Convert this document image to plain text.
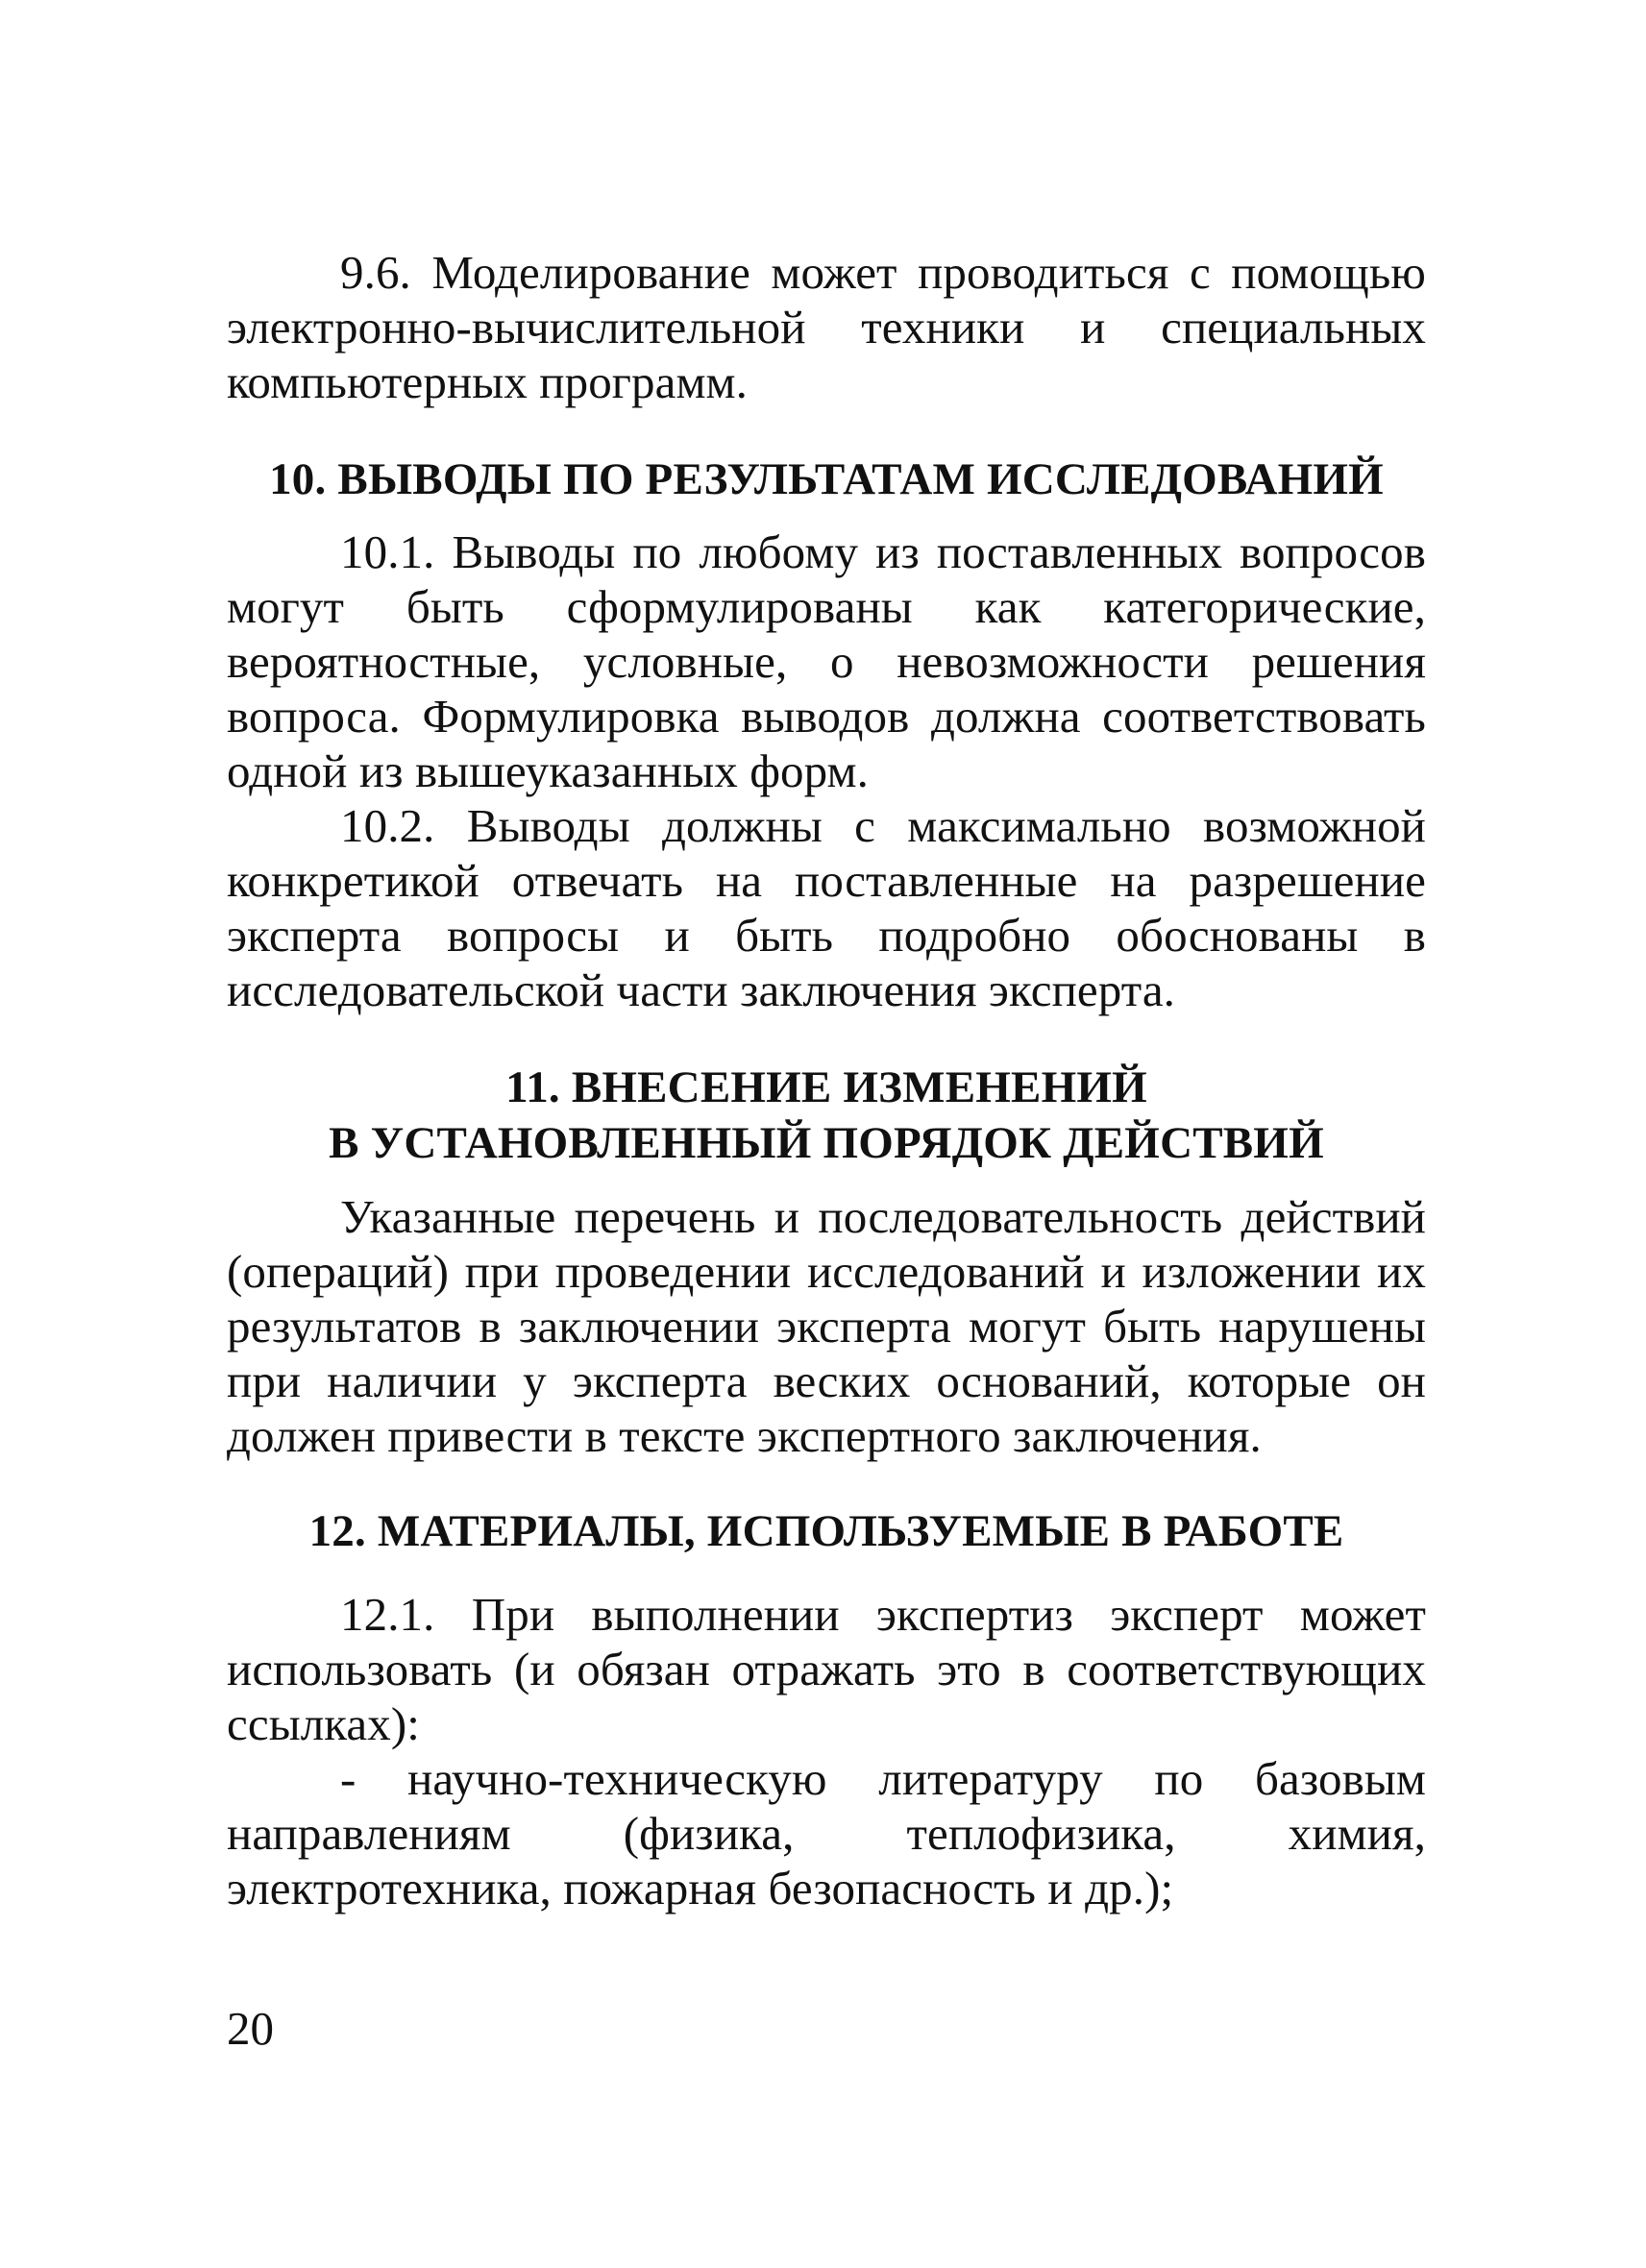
9.6. Моделирование может проводиться с помощью электронно-вычислительной техники и специальных компьютерных программ.

10. ВЫВОДЫ ПО РЕЗУЛЬТАТАМ ИССЛЕДОВАНИЙ

10.1. Выводы по любому из поставленных вопросов могут быть сформулированы как категорические, вероятностные, условные, о невозможности решения вопроса. Формулировка выводов должна соответствовать одной из вышеуказанных форм.

10.2. Выводы должны с максимально возможной конкретикой отвечать на поставленные на разрешение эксперта вопросы и быть подробно обоснованы в исследовательской части заключения эксперта.

11. ВНЕСЕНИЕ ИЗМЕНЕНИЙ
В УСТАНОВЛЕННЫЙ ПОРЯДОК ДЕЙСТВИЙ

Указанные перечень и последовательность действий (операций) при проведении исследований и изложении их результатов в заключении эксперта могут быть нарушены при наличии у эксперта веских оснований, которые он должен привести в тексте экспертного заключения.

12. МАТЕРИАЛЫ, ИСПОЛЬЗУЕМЫЕ В РАБОТЕ

12.1. При выполнении экспертиз эксперт может использовать (и обязан отражать это в соответствующих ссылках):

- научно-техническую литературу по базовым направлениям (физика, теплофизика, химия, электротехника, пожарная безопасность и др.);

20
